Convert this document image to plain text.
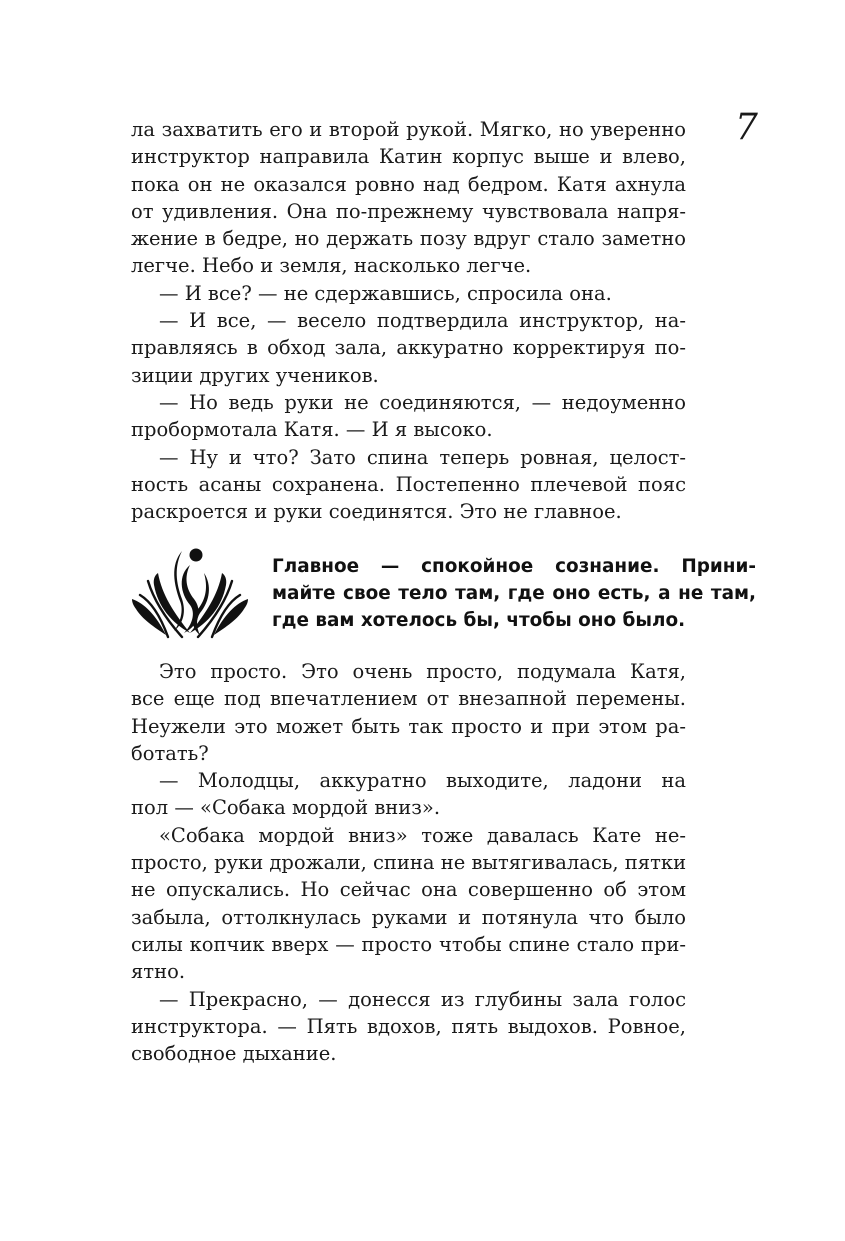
7
ла захватить его и второй рукой. Мягко, но уверенно
инструктор направила Катин корпус выше и влево,
пока он не оказался ровно над бедром. Катя ахнула
от удивления. Она по-прежнему чувствовала напря-
жение в бедре, но держать позу вдруг стало заметно
легче. Небо и земля, насколько легче.
— И все? — не сдержавшись, спросила она.
— И все, — весело подтвердила инструктор, на-
правляясь в обход зала, аккуратно корректируя по-
зиции других учеников.
— Но ведь руки не соединяются, — недоуменно
пробормотала Катя. — И я высоко.
— Ну и что? Зато спина теперь ровная, целост-
ность асаны сохранена. Постепенно плечевой пояс
раскроется и руки соединятся. Это не главное.
Главное — спокойное сознание. Прини-
майте свое тело там, где оно есть, а не там,
где вам хотелось бы, чтобы оно было.
Это просто. Это очень просто, подумала Катя,
все еще под впечатлением от внезапной перемены.
Неужели это может быть так просто и при этом ра-
ботать?
— Молодцы, аккуратно выходите, ладони на
пол — «Собака мордой вниз».
«Собака мордой вниз» тоже давалась Кате не-
просто, руки дрожали, спина не вытягивалась, пятки
не опускались. Но сейчас она совершенно об этом
забыла, оттолкнулась руками и потянула что было
силы копчик вверх — просто чтобы спине стало при-
ятно.
— Прекрасно, — донесся из глубины зала голос
инструктора. — Пять вдохов, пять выдохов. Ровное,
свободное дыхание.
